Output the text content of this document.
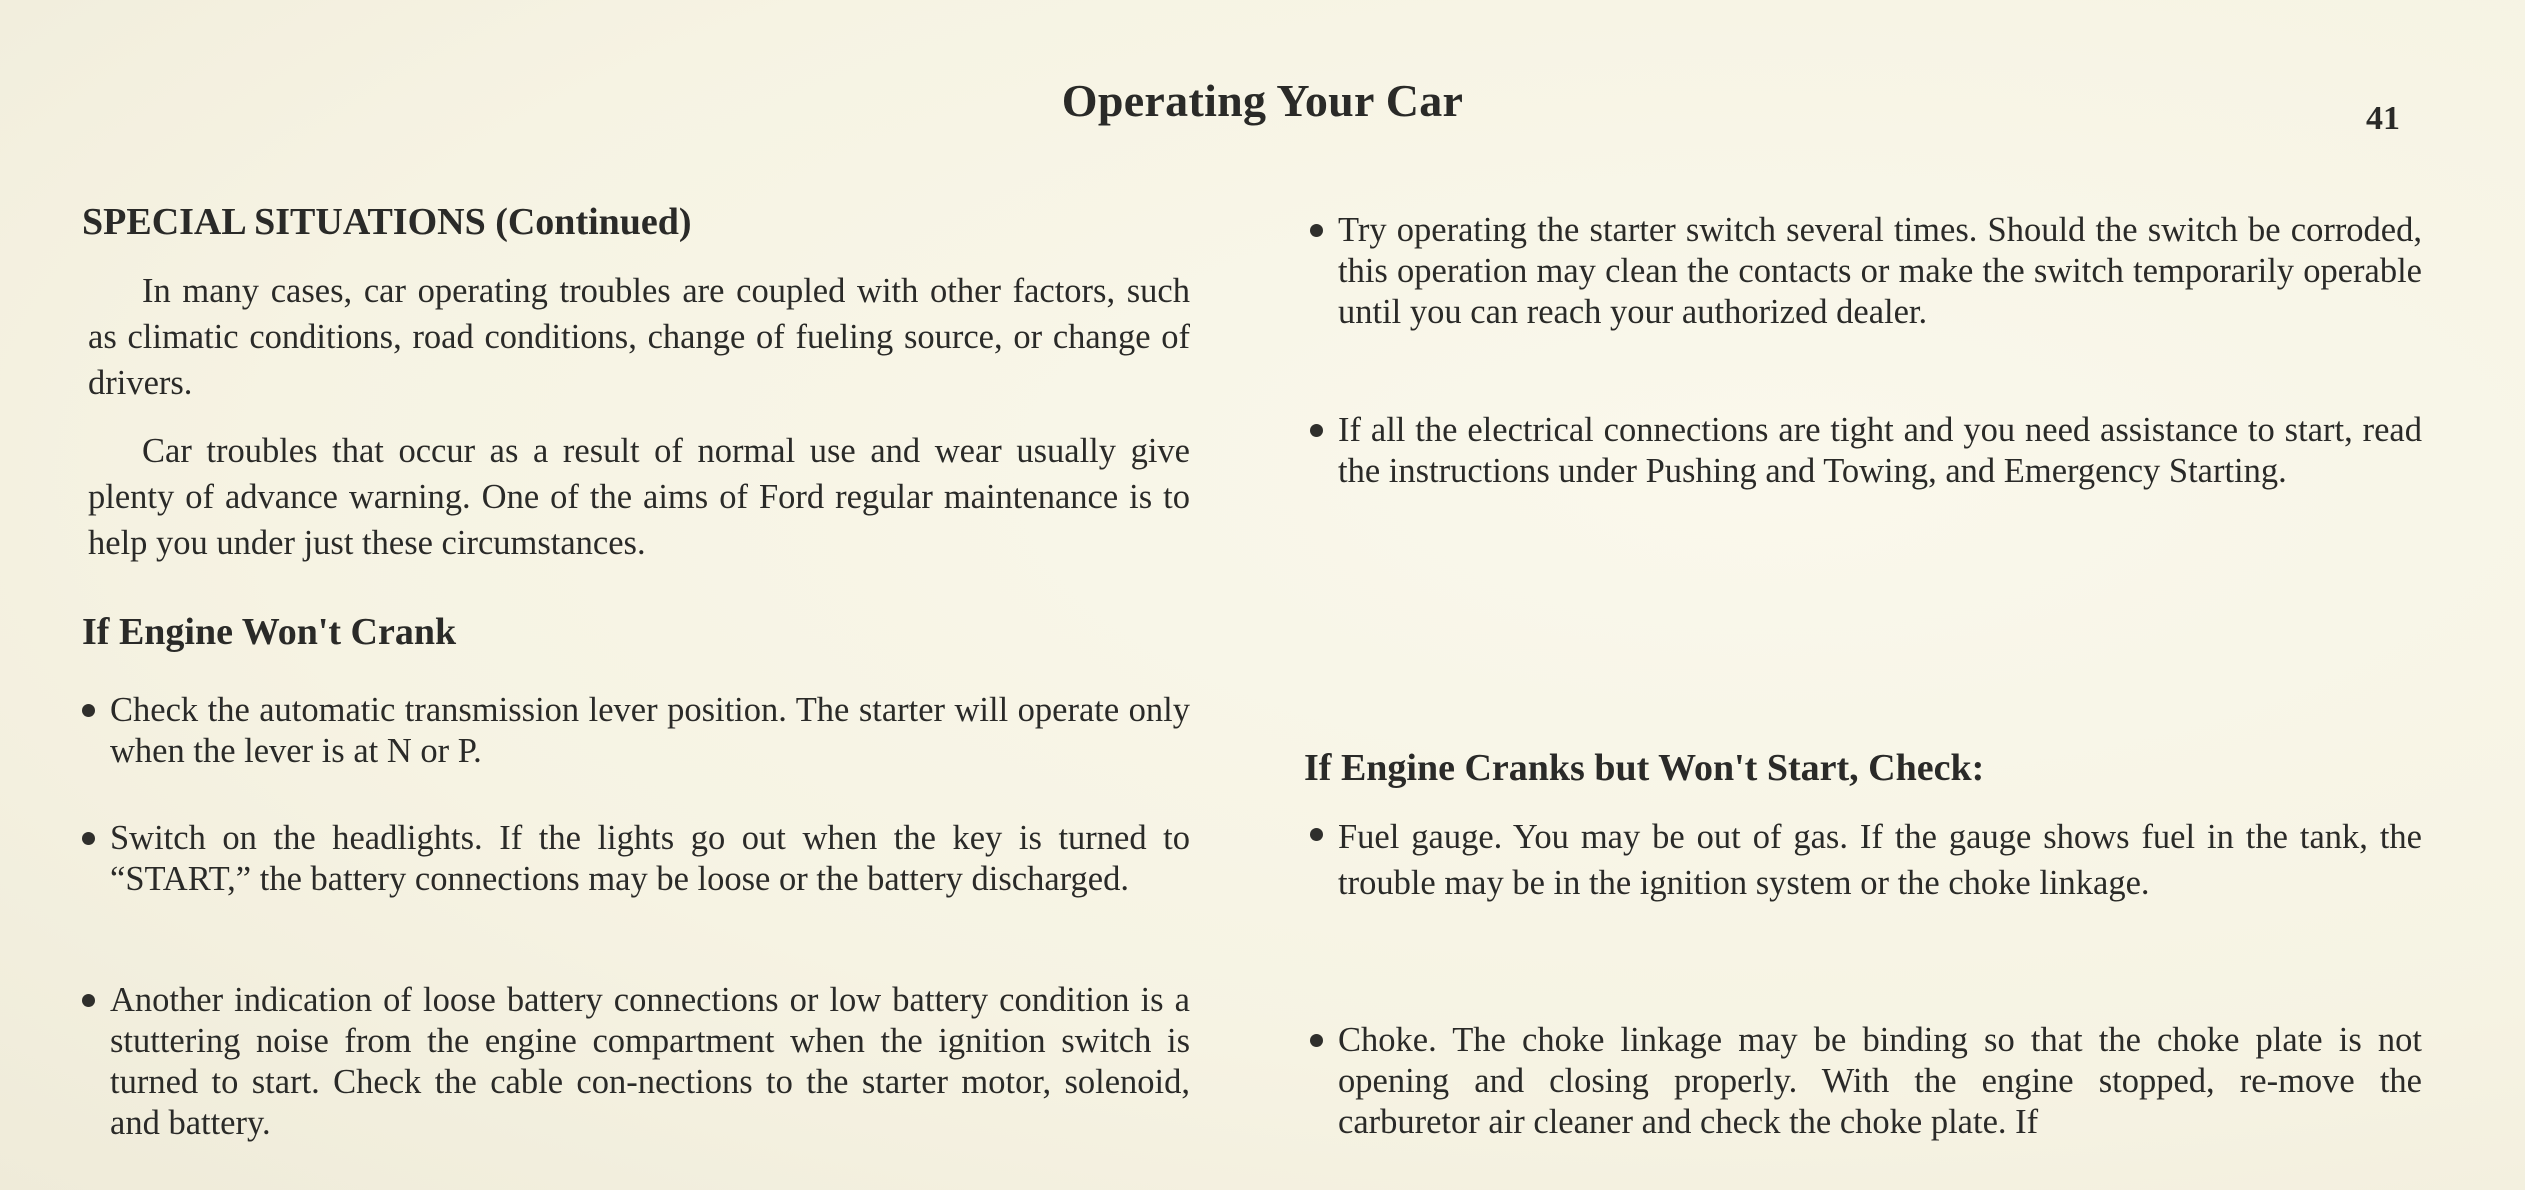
Operating Your Car	41
SPECIAL SITUATIONS (Continued)
In many cases, car operating troubles are coupled with other factors, such as climatic conditions, road conditions, change of fueling source, or change of drivers.
Car troubles that occur as a result of normal use and wear usually give plenty of advance warning. One of the aims of Ford regular maintenance is to help you under just these circumstances.
If Engine Won't Crank
Check the automatic transmission lever position. The starter will operate only when the lever is at N or P.
Switch on the headlights. If the lights go out when the key is turned to “START,” the battery connections may be loose or the battery discharged.
Another indication of loose battery connections or low battery condition is a stuttering noise from the engine compartment when the ignition switch is turned to start. Check the cable con-nections to the starter motor, solenoid, and battery.
Try operating the starter switch several times. Should the switch be corroded, this operation may clean the contacts or make the switch temporarily operable until you can reach your authorized dealer.
If all the electrical connections are tight and you need assistance to start, read the instructions under Pushing and Towing, and Emergency Starting.
If Engine Cranks but Won't Start, Check:
Fuel gauge. You may be out of gas. If the gauge shows fuel in the tank, the trouble may be in the ignition system or the choke linkage.
Choke. The choke linkage may be binding so that the choke plate is not opening and closing properly. With the engine stopped, re-move the carburetor air cleaner and check the choke plate. If
